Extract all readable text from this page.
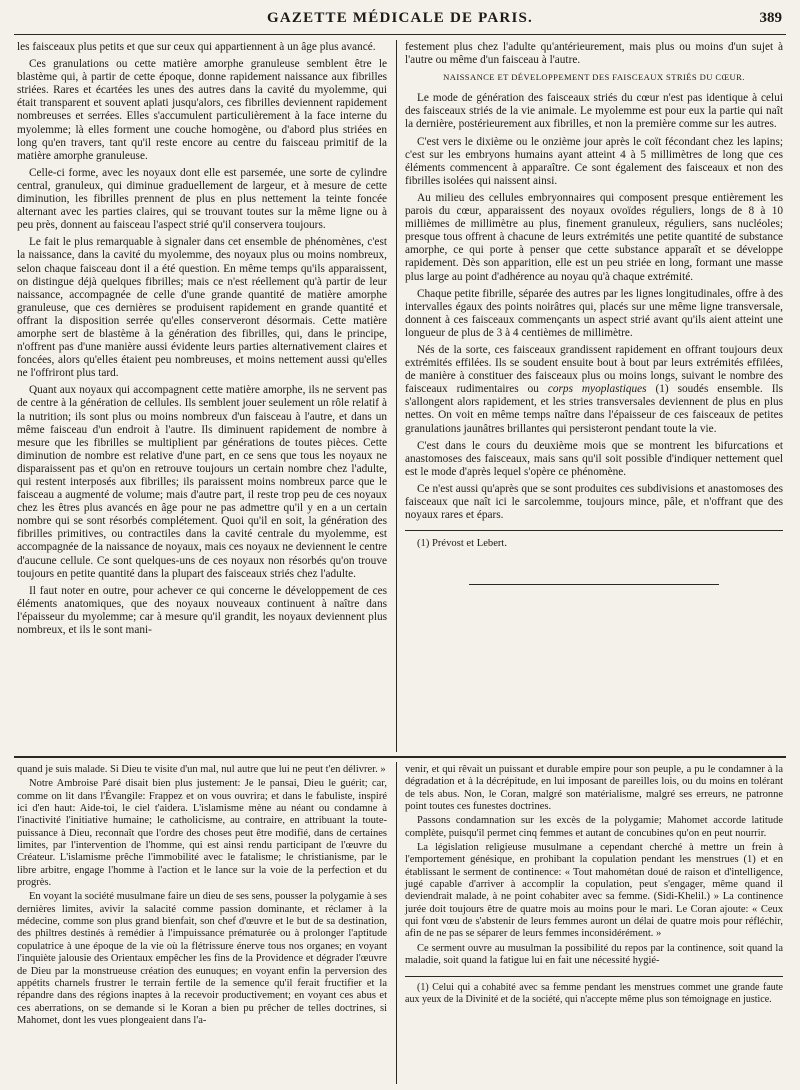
GAZETTE MÉDICALE DE PARIS.	389

les faisceaux plus petits et que sur ceux qui appartiennent à un âge plus avancé.

Ces granulations ou cette matière amorphe granuleuse semblent être le blastème qui, à partir de cette époque, donne rapidement naissance aux fibrilles striées. Rares et écartées les unes des autres dans la cavité du myolemme, qui était transparent et souvent aplati jusqu'alors, ces fibrilles deviennent rapidement nombreuses et serrées. Elles s'accumulent particulièrement à la face interne du myolemme; là elles forment une couche homogène, ou d'abord plus striées en long qu'en travers, tant qu'il reste encore au centre du faisceau primitif de la matière amorphe granuleuse.

Celle-ci forme, avec les noyaux dont elle est parsemée, une sorte de cylindre central, granuleux, qui diminue graduellement de largeur, et à mesure de cette diminution, les fibrilles prennent de plus en plus nettement la teinte foncée alternant avec les parties claires, qui se trouvant toutes sur la même ligne ou à peu près, donnent au faisceau l'aspect strié qu'il conservera toujours.

Le fait le plus remarquable à signaler dans cet ensemble de phénomènes, c'est la naissance, dans la cavité du myolemme, des noyaux plus ou moins nombreux, selon chaque faisceau dont il a été question. En même temps qu'ils apparaissent, on distingue déjà quelques fibrilles; mais ce n'est réellement qu'à partir de leur naissance, accompagnée de celle d'une grande quantité de matière amorphe granuleuse, que ces dernières se produisent rapidement en grande quantité et offrant la disposition serrée qu'elles conserveront désormais. Cette matière amorphe sert de blastème à la génération des fibrilles, qui, dans le principe, n'offrent pas d'une manière aussi évidente leurs parties alternativement claires et foncées, alors qu'elles étaient peu nombreuses, et moins nettement aussi qu'elles ne l'offriront plus tard.

Quant aux noyaux qui accompagnent cette matière amorphe, ils ne servent pas de centre à la génération de cellules. Ils semblent jouer seulement un rôle relatif à la nutrition; ils sont plus ou moins nombreux d'un faisceau à l'autre, et dans un même faisceau d'un endroit à l'autre. Ils diminuent rapidement de nombre à mesure que les fibrilles se multiplient par générations de toutes pièces. Cette diminution de nombre est relative d'une part, en ce sens que tous les noyaux ne disparaissent pas et qu'on en retrouve toujours un certain nombre chez l'adulte, qui restent interposés aux fibrilles; ils paraissent moins nombreux parce que le faisceau a augmenté de volume; mais d'autre part, il reste trop peu de ces noyaux chez les êtres plus avancés en âge pour ne pas admettre qu'il y en a un certain nombre qui se sont résorbés complétement. Quoi qu'il en soit, la génération des fibrilles primitives, ou contractiles dans la cavité centrale du myolemme, est accompagnée de la naissance de noyaux, mais ces noyaux ne deviennent le centre d'aucune cellule. Ce sont quelques-uns de ces noyaux non résorbés qu'on trouve toujours en petite quantité dans la plupart des faisceaux striés chez l'adulte.

Il faut noter en outre, pour achever ce qui concerne le développement de ces éléments anatomiques, que des noyaux nouveaux continuent à naître dans l'épaisseur du myolemme; car à mesure qu'il grandit, les noyaux deviennent plus nombreux, et ils le sont mani-

festement plus chez l'adulte qu'antérieurement, mais plus ou moins d'un sujet à l'autre ou même d'un faisceau à l'autre.

NAISSANCE ET DÉVELOPPEMENT DES FAISCEAUX STRIÉS DU CŒUR.

Le mode de génération des faisceaux striés du cœur n'est pas identique à celui des faisceaux striés de la vie animale. Le myolemme est pour eux la partie qui naît la dernière, postérieurement aux fibrilles, et non la première comme sur les autres.

C'est vers le dixième ou le onzième jour après le coït fécondant chez les lapins; c'est sur les embryons humains ayant atteint 4 à 5 millimètres de long que ces éléments commencent à apparaître. Ce sont également des faisceaux et non des fibrilles isolées qui naissent ainsi.

Au milieu des cellules embryonnaires qui composent presque entièrement les parois du cœur, apparaissent des noyaux ovoïdes réguliers, longs de 8 à 10 millièmes de millimètre au plus, finement granuleux, réguliers, sans nucléoles; presque tous offrent à chacune de leurs extrémités une petite quantité de substance amorphe, ce qui porte à penser que cette substance apparaît et se développe rapidement. Dès son apparition, elle est un peu striée en long, formant une masse plus large au point d'adhérence au noyau qu'à chaque extrémité.

Chaque petite fibrille, séparée des autres par les lignes longitudinales, offre à des intervalles égaux des points noirâtres qui, placés sur une même ligne transversale, donnent à ces faisceaux commençants un aspect strié avant qu'ils aient atteint une longueur de plus de 3 à 4 centièmes de millimètre.

Nés de la sorte, ces faisceaux grandissent rapidement en offrant toujours deux extrémités effilées. Ils se soudent ensuite bout à bout par leurs extrémités effilées, de manière à constituer des faisceaux plus ou moins longs, suivant le nombre des faisceaux rudimentaires ou corps myoplastiques (1) soudés ensemble. Ils s'allongent alors rapidement, et les stries transversales deviennent de plus en plus nettes. On voit en même temps naître dans l'épaisseur de ces faisceaux de petites granulations jaunâtres brillantes qui persisteront pendant toute la vie.

C'est dans le cours du deuxième mois que se montrent les bifurcations et anastomoses des faisceaux, mais sans qu'il soit possible d'indiquer nettement quel est le mode d'après lequel s'opère ce phénomène.

Ce n'est aussi qu'après que se sont produites ces subdivisions et anastomoses des faisceaux que naît ici le sarcolemme, toujours mince, pâle, et n'offrant que des noyaux rares et épars.

(1) Prévost et Lebert.

quand je suis malade. Si Dieu te visite d'un mal, nul autre que lui ne peut t'en délivrer. »

Notre Ambroise Paré disait bien plus justement: Je le pansai, Dieu le guérit; car, comme on lit dans l'Évangile: Frappez et on vous ouvrira; et dans le fabuliste, inspiré ici d'en haut: Aide-toi, le ciel t'aidera. L'islamisme mène au néant ou condamne à l'inactivité l'initiative humaine; le catholicisme, au contraire, en attribuant la toute-puissance à Dieu, reconnaît que l'ordre des choses peut être modifié, dans de certaines limites, par l'intervention de l'homme, qui est ainsi rendu participant de l'œuvre du Créateur. L'islamisme prêche l'immobilité avec le fatalisme; le christianisme, par le libre arbitre, engage l'homme à l'action et le lance sur la voie de la perfection et du progrès.

En voyant la société musulmane faire un dieu de ses sens, pousser la polygamie à ses dernières limites, avivir la salacité comme passion dominante, et réclamer à la médecine, comme son plus grand bienfait, son chef d'œuvre et le but de sa destination, des philtres destinés à remédier à l'impuissance prématurée ou à prolonger l'aptitude copulatrice à une époque de la vie où la flétrissure énerve tous nos organes; en voyant l'inquiète jalousie des Orientaux empêcher les fins de la Providence et dégrader l'œuvre de Dieu par la monstrueuse création des eunuques; en voyant enfin la perversion des appétits charnels frustrer le terrain fertile de la semence qu'il ferait fructifier et la répandre dans des régions inaptes à la recevoir productivement; en voyant ces abus et ces aberrations, on se demande si le Koran a bien pu prêcher de telles doctrines, si Mahomet, dont les vues plongeaient dans l'a-

venir, et qui rêvait un puissant et durable empire pour son peuple, a pu le condamner à la dégradation et à la décrépitude, en lui imposant de pareilles lois, ou du moins en tolérant de tels abus. Non, le Coran, malgré son matérialisme, malgré ses erreurs, ne patronne point toutes ces funestes doctrines.

Passons condamnation sur les excès de la polygamie; Mahomet accorde latitude complète, puisqu'il permet cinq femmes et autant de concubines qu'on en peut nourrir.

La législation religieuse musulmane a cependant cherché à mettre un frein à l'emportement génésique, en prohibant la copulation pendant les menstrues (1) et en établissant le serment de continence: « Tout mahométan doué de raison et d'intelligence, jugé capable d'arriver à accomplir la copulation, peut s'engager, même quand il deviendrait malade, à ne point cohabiter avec sa femme. (Sidi-Khelil.) » La continence jurée doit toujours être de quatre mois au moins pour le mari. Le Coran ajoute: « Ceux qui font vœu de s'abstenir de leurs femmes auront un délai de quatre mois pour réfléchir, afin de ne pas se séparer de leurs femmes inconsidérément. »

Ce serment ouvre au musulman la possibilité du repos par la continence, soit quand la maladie, soit quand la fatigue lui en fait une nécessité hygié-

(1) Celui qui a cohabité avec sa femme pendant les menstrues commet une grande faute aux yeux de la Divinité et de la société, qui n'accepte même plus son témoignage en justice.
